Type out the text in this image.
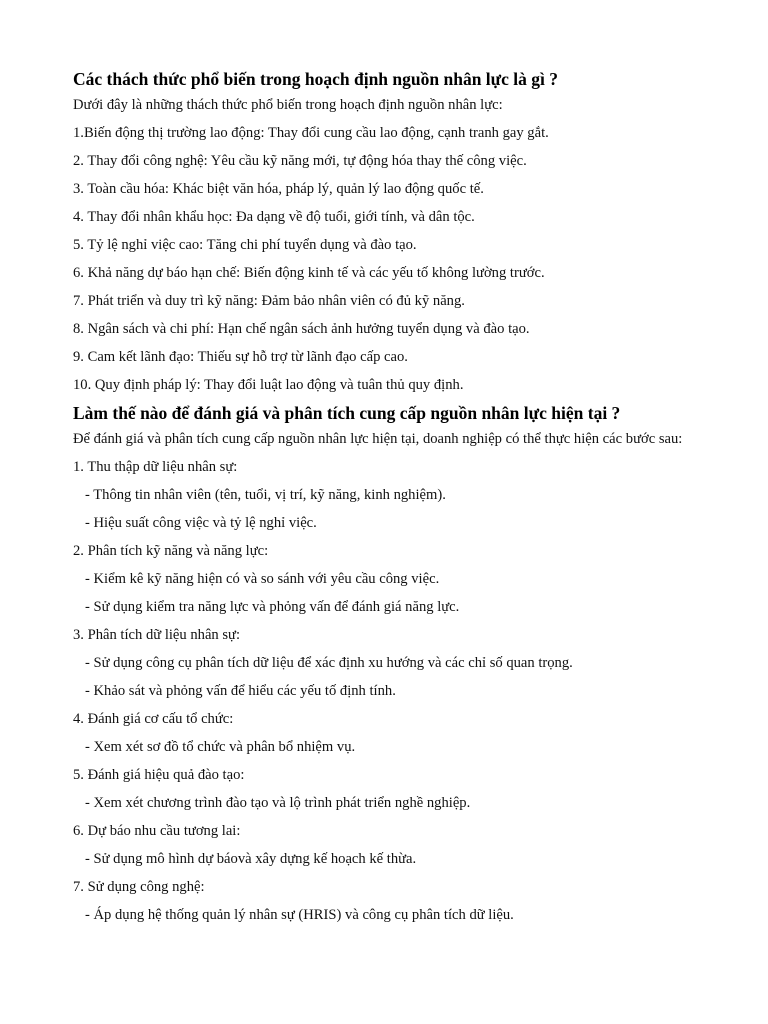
Các thách thức phổ biến trong hoạch định nguồn nhân lực là gì ?

Dưới đây là những thách thức phổ biến trong hoạch định nguồn nhân lực:

1.Biến động thị trường lao động: Thay đổi cung cầu lao động, cạnh tranh gay gắt.

2. Thay đổi công nghệ: Yêu cầu kỹ năng mới, tự động hóa thay thế công việc.

3. Toàn cầu hóa: Khác biệt văn hóa, pháp lý, quản lý lao động quốc tế.

4. Thay đổi nhân khẩu học: Đa dạng về độ tuổi, giới tính, và dân tộc.

5. Tỷ lệ nghỉ việc cao: Tăng chi phí tuyển dụng và đào tạo.

6. Khả năng dự báo hạn chế: Biến động kinh tế và các yếu tố không lường trước.

7. Phát triển và duy trì kỹ năng: Đảm bảo nhân viên có đủ kỹ năng.

8. Ngân sách và chi phí: Hạn chế ngân sách ảnh hưởng tuyển dụng và đào tạo.

9. Cam kết lãnh đạo: Thiếu sự hỗ trợ từ lãnh đạo cấp cao.

10. Quy định pháp lý: Thay đổi luật lao động và tuân thủ quy định.

Làm thế nào để đánh giá và phân tích cung cấp nguồn nhân lực hiện tại ?

Để đánh giá và phân tích cung cấp nguồn nhân lực hiện tại, doanh nghiệp có thể thực hiện các bước sau:

1. Thu thập dữ liệu nhân sự:

- Thông tin nhân viên (tên, tuổi, vị trí, kỹ năng, kinh nghiệm).

- Hiệu suất công việc và tỷ lệ nghỉ việc.

2. Phân tích kỹ năng và năng lực:

- Kiểm kê kỹ năng hiện có và so sánh với yêu cầu công việc.

- Sử dụng kiểm tra năng lực và phỏng vấn để đánh giá năng lực.

3. Phân tích dữ liệu nhân sự:

- Sử dụng công cụ phân tích dữ liệu để xác định xu hướng và các chỉ số quan trọng.

- Khảo sát và phỏng vấn để hiểu các yếu tố định tính.

4. Đánh giá cơ cấu tổ chức:

- Xem xét sơ đồ tổ chức và phân bổ nhiệm vụ.

5. Đánh giá hiệu quả đào tạo:

- Xem xét chương trình đào tạo và lộ trình phát triển nghề nghiệp.

6. Dự báo nhu cầu tương lai:

- Sử dụng mô hình dự báovà xây dựng kế hoạch kế thừa.

7. Sử dụng công nghệ:

- Áp dụng hệ thống quản lý nhân sự (HRIS) và công cụ phân tích dữ liệu.
